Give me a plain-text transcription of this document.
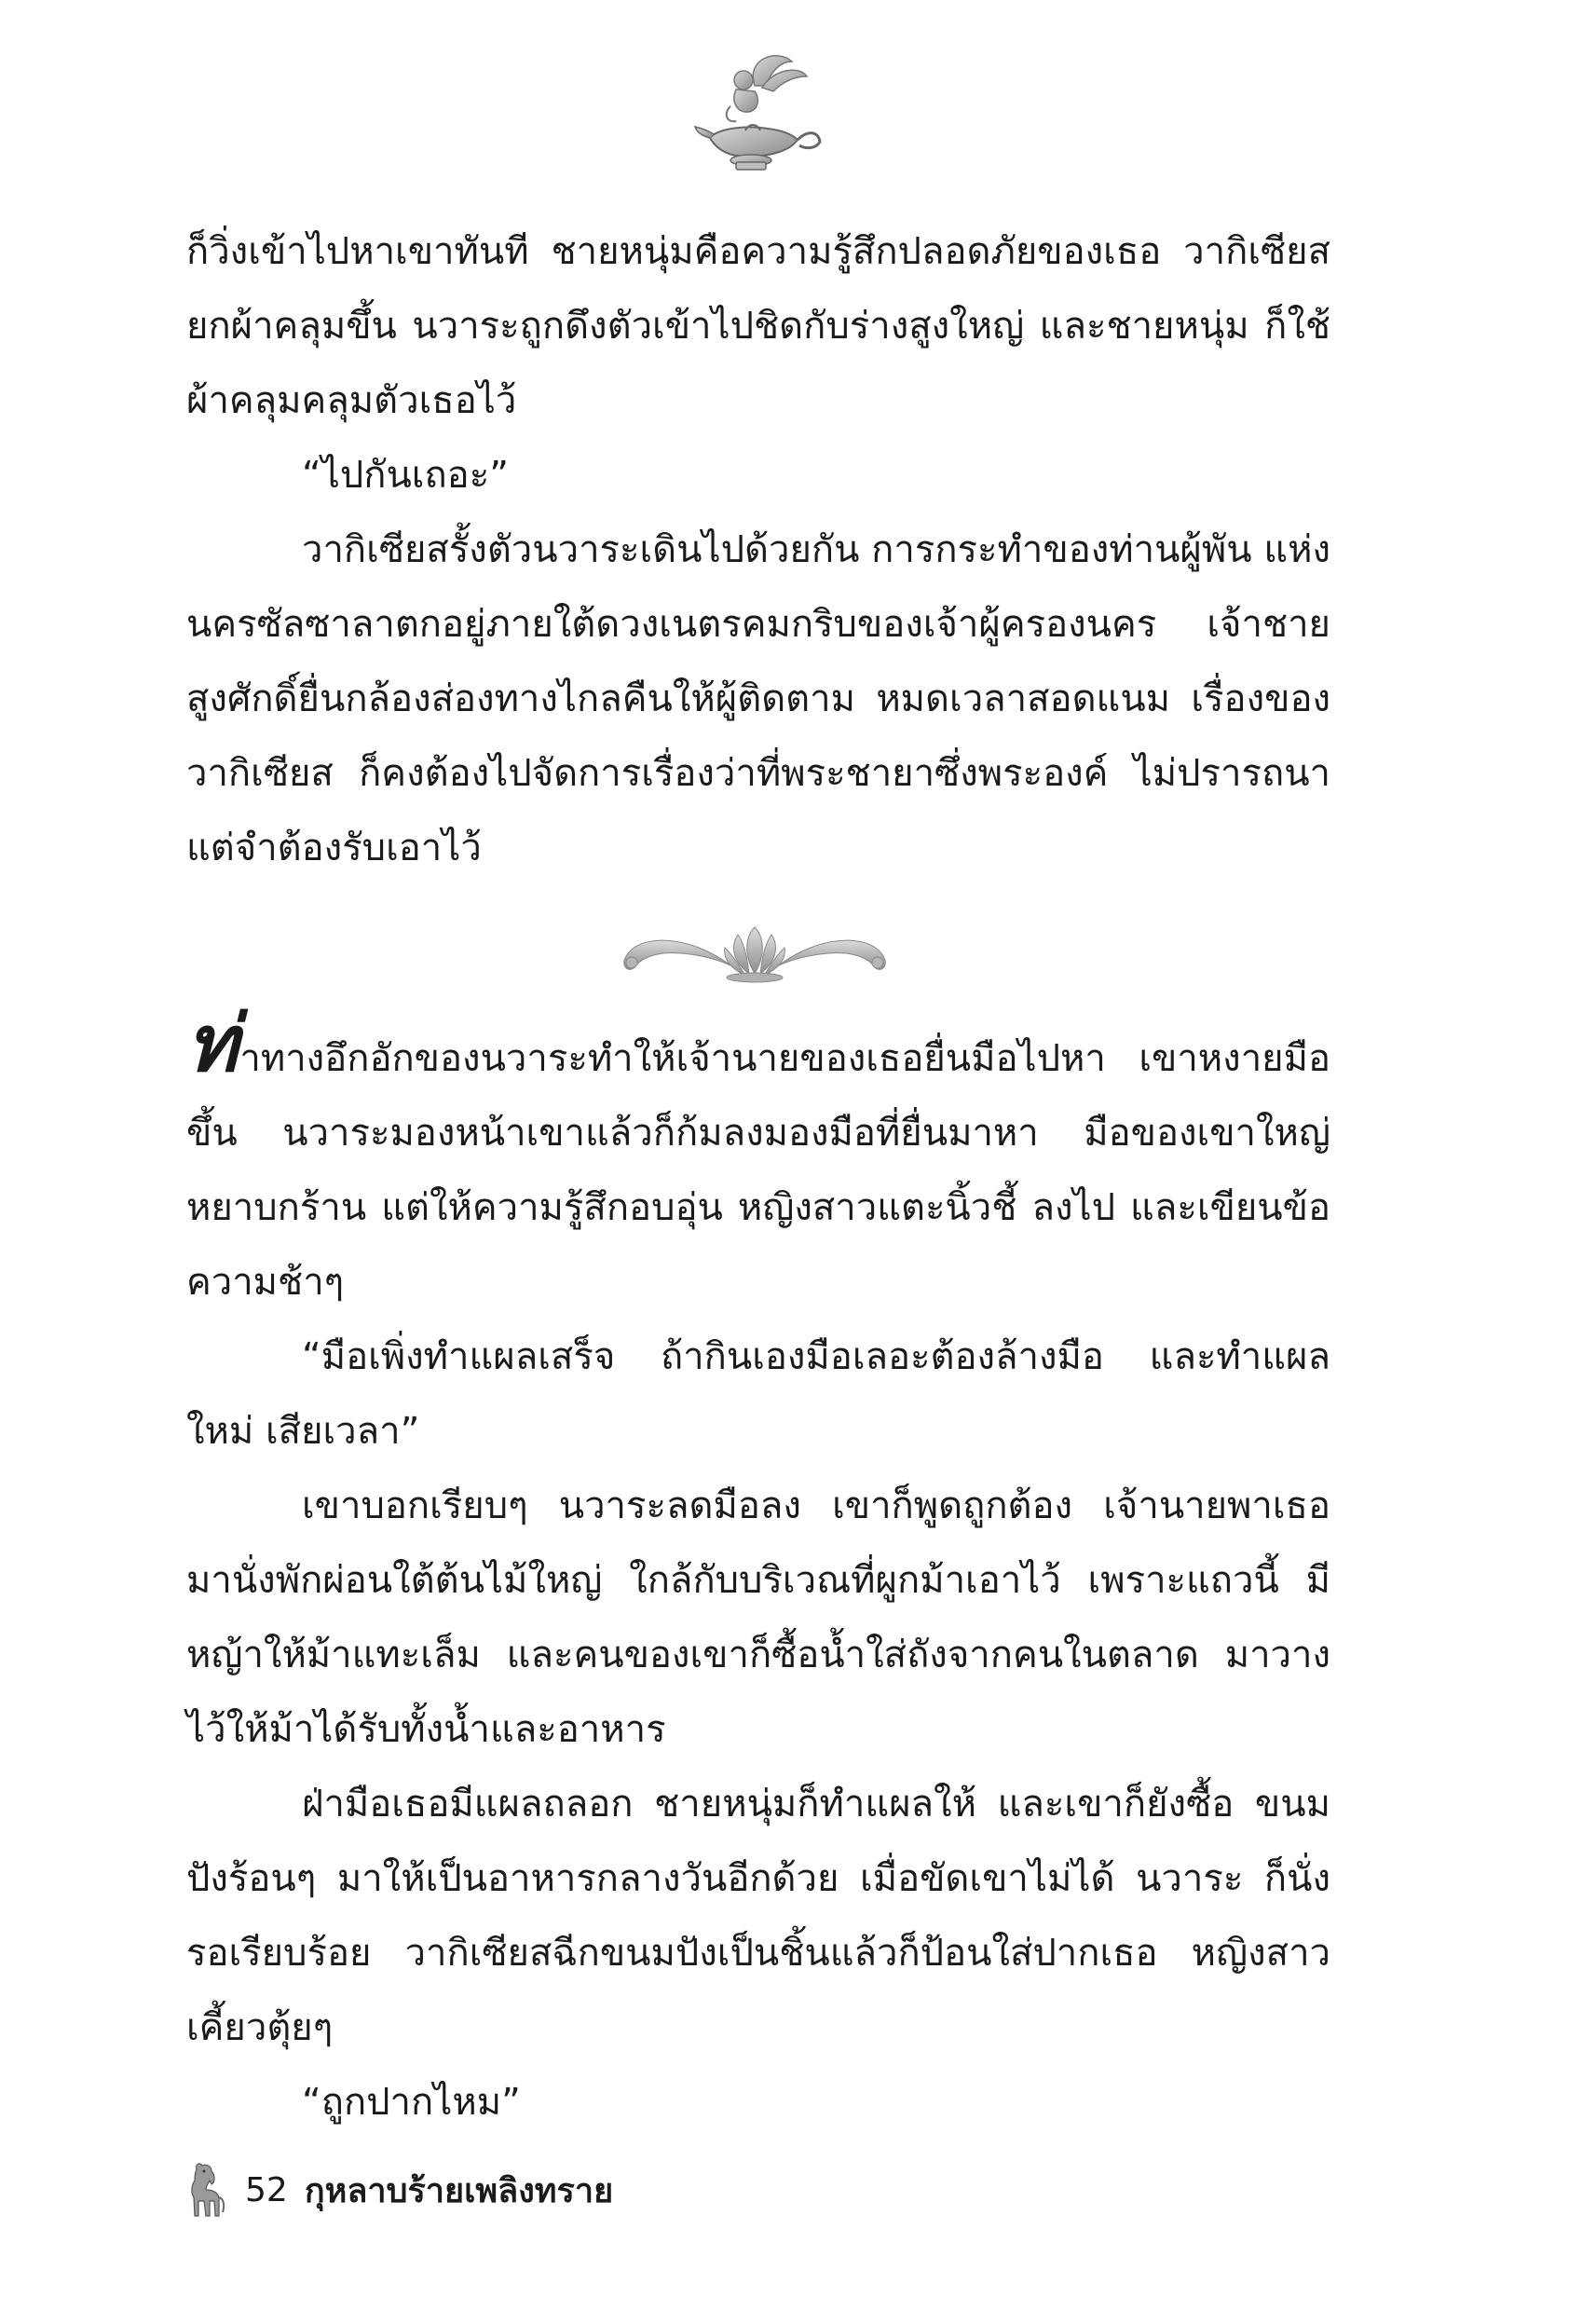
ก็วิ่งเข้าไปหาเขาทันที ชายหนุ่มคือความรู้สึกปลอดภัยของเธอ วากิเซียส ยกผ้าคลุมขึ้น นวาระถูกดึงตัวเข้าไปชิดกับร่างสูงใหญ่ และชายหนุ่ม ก็ใช้ผ้าคลุมคลุมตัวเธอไว้

“ไปกันเถอะ”

วากิเซียสรั้งตัวนวาระเดินไปด้วยกัน การกระทำของท่านผู้พัน แห่งนครซัลซาลาตกอยู่ภายใต้ดวงเนตรคมกริบของเจ้าผู้ครองนคร เจ้าชายสูงศักดิ์ยื่นกล้องส่องทางไกลคืนให้ผู้ติดตาม หมดเวลาสอดแนม เรื่องของวากิเซียส ก็คงต้องไปจัดการเรื่องว่าที่พระชายาซึ่งพระองค์ ไม่ปรารถนา แต่จำต้องรับเอาไว้

ท่าทางอึกอักของนวาระทำให้เจ้านายของเธอยื่นมือไปหา เขาหงายมือขึ้น นวาระมองหน้าเขาแล้วก็ก้มลงมองมือที่ยื่นมาหา มือของเขาใหญ่ หยาบกร้าน แต่ให้ความรู้สึกอบอุ่น หญิงสาวแตะนิ้วชี้ ลงไป และเขียนข้อความช้าๆ

“มือเพิ่งทำแผลเสร็จ ถ้ากินเองมือเลอะต้องล้างมือ และทำแผล ใหม่ เสียเวลา”

เขาบอกเรียบๆ นวาระลดมือลง เขาก็พูดถูกต้อง เจ้านายพาเธอ มานั่งพักผ่อนใต้ต้นไม้ใหญ่ ใกล้กับบริเวณที่ผูกม้าเอาไว้ เพราะแถวนี้ มีหญ้าให้ม้าแทะเล็ม และคนของเขาก็ซื้อน้ำใส่ถังจากคนในตลาด มาวางไว้ให้ม้าได้รับทั้งน้ำและอาหาร

ฝ่ามือเธอมีแผลถลอก ชายหนุ่มก็ทำแผลให้ และเขาก็ยังซื้อ ขนมปังร้อนๆ มาให้เป็นอาหารกลางวันอีกด้วย เมื่อขัดเขาไม่ได้ นวาระ ก็นั่งรอเรียบร้อย วากิเซียสฉีกขนมปังเป็นชิ้นแล้วก็ป้อนใส่ปากเธอ หญิงสาวเคี้ยวตุ้ยๆ

“ถูกปากไหม”

52 กุหลาบร้ายเพลิงทราย
